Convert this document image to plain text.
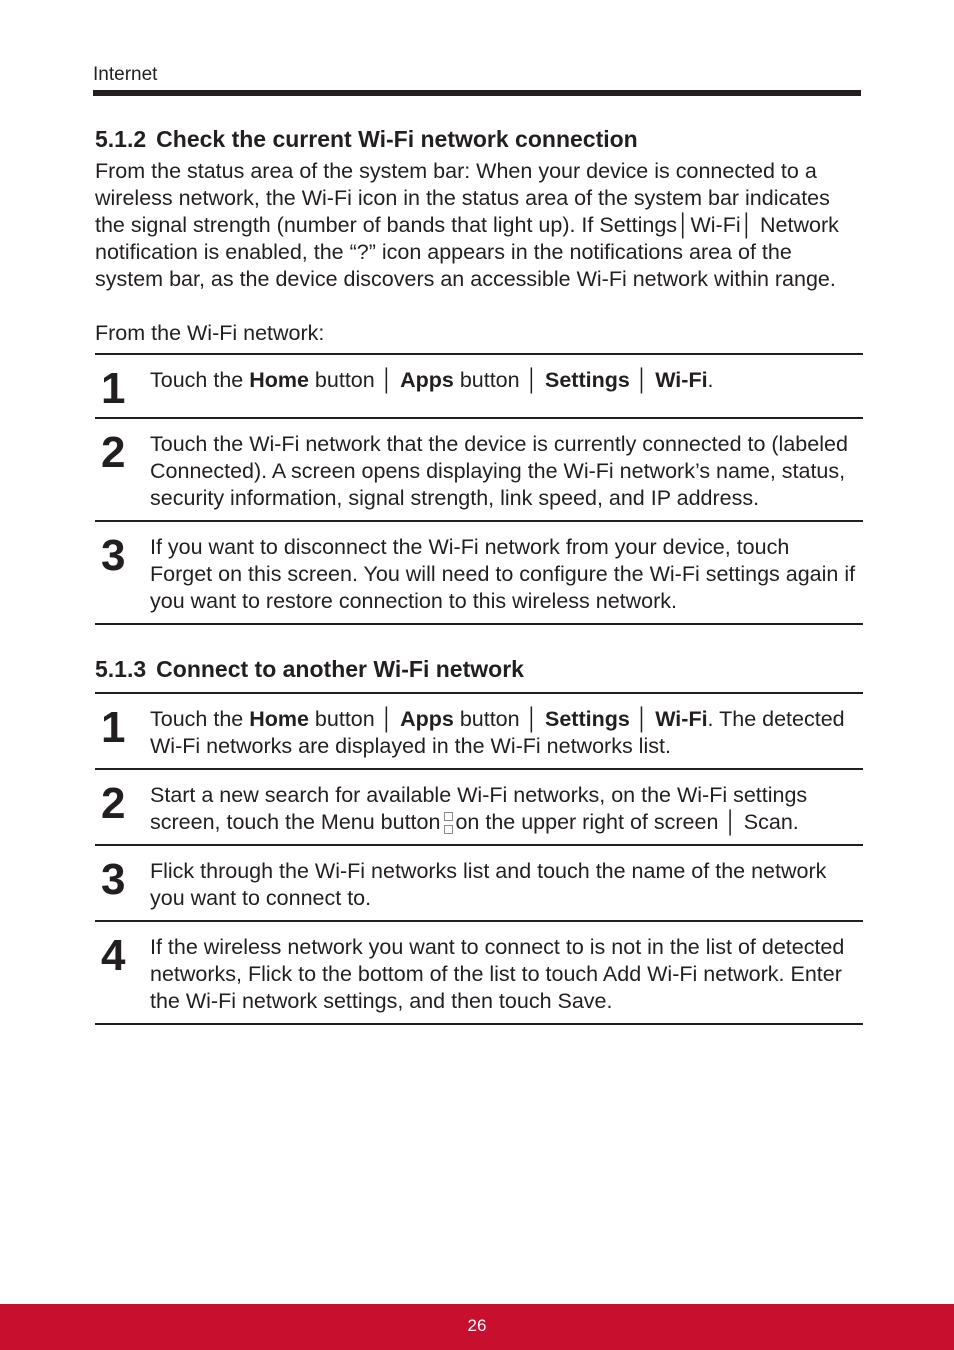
Internet
5.1.2 Check the current Wi-Fi network connection

From the status area of the system bar: When your device is connected to a wireless network, the Wi-Fi icon in the status area of the system bar indicates the signal strength (number of bands that light up). If Settings│Wi-Fi│ Network notification is enabled, the “?” icon appears in the notifications area of the system bar, as the device discovers an accessible Wi-Fi network within range.

From the Wi-Fi network:

1	Touch the Home button │ Apps button │ Settings │ Wi-Fi.
2	Touch the Wi-Fi network that the device is currently connected to (labeled Connected). A screen opens displaying the Wi-Fi network’s name, status, security information, signal strength, link speed, and IP address.
3	If you want to disconnect the Wi-Fi network from your device, touch Forget on this screen. You will need to configure the Wi-Fi settings again if you want to restore connection to this wireless network.
5.1.3 Connect to another Wi-Fi network
1	Touch the Home button │ Apps button │ Settings │ Wi-Fi. The detected Wi-Fi networks are displayed in the Wi-Fi networks list.
2	Start a new search for available Wi-Fi networks, on the Wi-Fi settings screen, touch the Menu button on the upper right of screen │ Scan.
3	Flick through the Wi-Fi networks list and touch the name of the network you want to connect to.
4	If the wireless network you want to connect to is not in the list of detected networks, Flick to the bottom of the list to touch Add Wi-Fi network. Enter the Wi-Fi network settings, and then touch Save.
26
